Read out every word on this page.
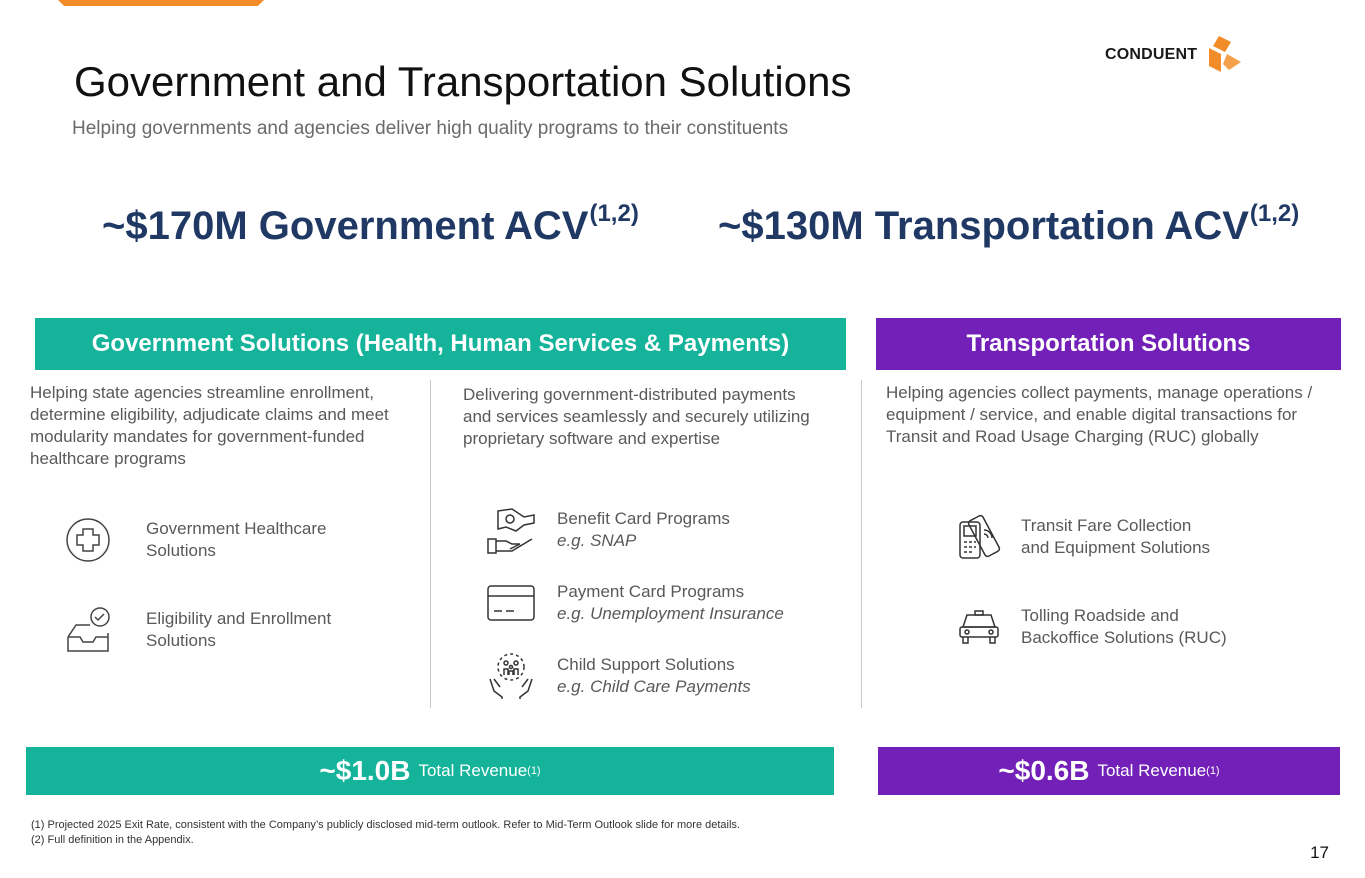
Government and Transportation Solutions
Helping governments and agencies deliver high quality programs to their constituents
CONDUENT
~$170M Government ACV$^{(1,2)}$ ~$130M Transportation ACV$^{(1,2)}$
Government Solutions (Health, Human Services & Payments)	Transportation Solutions
Helping state agencies streamline enrollment, determine eligibility, adjudicate claims and meet modularity mandates for government-funded healthcare programs
Delivering government-distributed payments and services seamlessly and securely utilizing proprietary software and expertise
Helping agencies collect payments, manage operations / equipment / service, and enable digital transactions for Transit and Road Usage Charging (RUC) globally
Government Healthcare
Solutions
Eligibility and Enrollment
Solutions
Benefit Card Programs
e.g. SNAP
Payment Card Programs
e.g. Unemployment Insurance
Child Support Solutions
e.g. Child Care Payments
Transit Fare Collection
and Equipment Solutions
Tolling Roadside and
Backoffice Solutions (RUC)
~$1.0B Total Revenue (1)	~$0.6B Total Revenue (1)
(1) Projected 2025 Exit Rate, consistent with the Company’s publicly disclosed mid-term outlook. Refer to Mid-Term Outlook slide for more details.
(2) Full definition in the Appendix.
17
